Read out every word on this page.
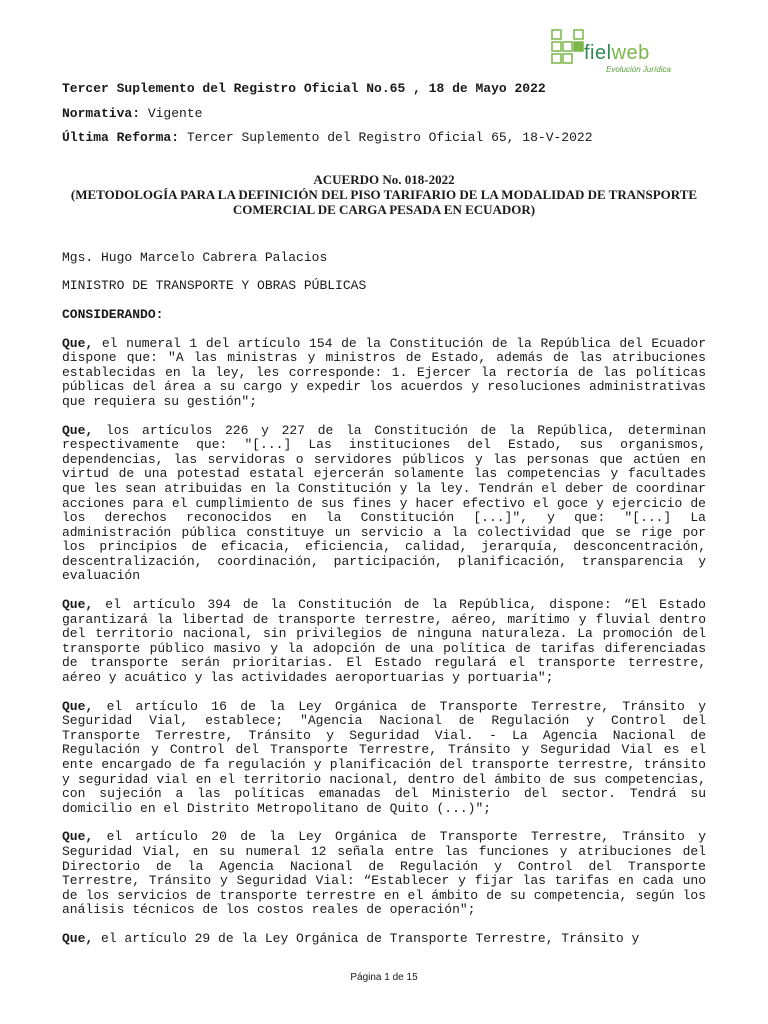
fielweb
Evolución Jurídica
Tercer Suplemento del Registro Oficial No.65 , 18 de Mayo 2022
Normativa: Vigente
Última Reforma: Tercer Suplemento del Registro Oficial 65, 18-V-2022
ACUERDO No. 018-2022
(METODOLOGÍA PARA LA DEFINICIÓN DEL PISO TARIFARIO DE LA MODALIDAD DE TRANSPORTE
COMERCIAL DE CARGA PESADA EN ECUADOR)
Mgs. Hugo Marcelo Cabrera Palacios
MINISTRO DE TRANSPORTE Y OBRAS PÚBLICAS
CONSIDERANDO:
Que, el numeral 1 del artículo 154 de la Constitución de la República del Ecuador dispone que: "A las ministras y ministros de Estado, además de las atribuciones establecidas en la ley, les corresponde: 1. Ejercer la rectoría de las políticas públicas del área a su cargo y expedir los acuerdos y resoluciones administrativas que requiera su gestión";
Que, los artículos 226 y 227 de la Constitución de la República, determinan respectivamente que: "[...] Las instituciones del Estado, sus organismos, dependencias, las servidoras o servidores públicos y las personas que actúen en virtud de una potestad estatal ejercerán solamente las competencias y facultades que les sean atribuidas en la Constitución y la ley. Tendrán el deber de coordinar acciones para el cumplimiento de sus fines y hacer efectivo el goce y ejercicio de los derechos reconocidos en la Constitución [...]", y que: "[...] La administración pública constituye un servicio a la colectividad que se rige por los principios de eficacia, eficiencia, calidad, jerarquía, desconcentración, descentralización, coordinación, participación, planificación, transparencia y evaluación
Que, el artículo 394 de la Constitución de la República, dispone: “El Estado garantizará la libertad de transporte terrestre, aéreo, marítimo y fluvial dentro del territorio nacional, sin privilegios de ninguna naturaleza. La promoción del transporte público masivo y la adopción de una política de tarifas diferenciadas de transporte serán prioritarias. El Estado regulará el transporte terrestre, aéreo y acuático y las actividades aeroportuarias y portuaria";
Que, el artículo 16 de la Ley Orgánica de Transporte Terrestre, Tránsito y Seguridad Vial, establece; "Agencia Nacional de Regulación y Control del Transporte Terrestre, Tránsito y Seguridad Vial. - La Agencia Nacional de Regulación y Control del Transporte Terrestre, Tránsito y Seguridad Vial es el ente encargado de fa regulación y planificación del transporte terrestre, tránsito y seguridad vial en el territorio nacional, dentro del ámbito de sus competencias, con sujeción a las políticas emanadas del Ministerio del sector. Tendrá su domicilio en el Distrito Metropolitano de Quito (...)";
Que, el artículo 20 de la Ley Orgánica de Transporte Terrestre, Tránsito y Seguridad Vial, en su numeral 12 señala entre las funciones y atribuciones del Directorio de la Agencia Nacional de Regulación y Control del Transporte Terrestre, Tránsito y Seguridad Vial: “Establecer y fijar las tarifas en cada uno de los servicios de transporte terrestre en el ámbito de su competencia, según los análisis técnicos de los costos reales de operación";
Que, el artículo 29 de la Ley Orgánica de Transporte Terrestre, Tránsito y
Página 1 de 15
